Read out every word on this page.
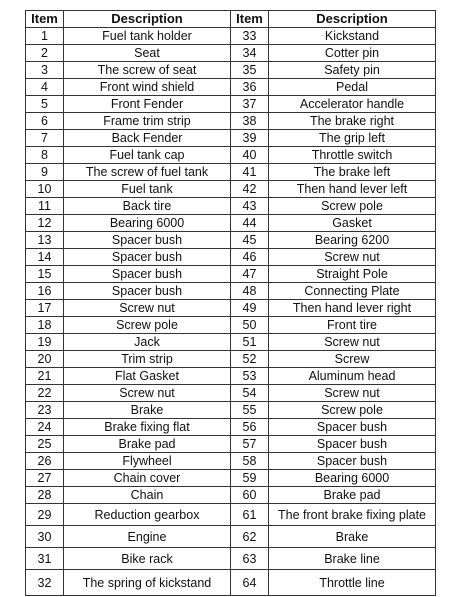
Item	Description	Item	Description
1	Fuel tank holder	33	Kickstand
2	Seat	34	Cotter pin
3	The screw of seat	35	Safety pin
4	Front wind shield	36	Pedal
5	Front Fender	37	Accelerator handle
6	Frame trim strip	38	The brake right
7	Back Fender	39	The grip left
8	Fuel tank cap	40	Throttle switch
9	The screw of fuel tank	41	The brake left
10	Fuel tank	42	Then hand lever left
11	Back tire	43	Screw pole
12	Bearing 6000	44	Gasket
13	Spacer bush	45	Bearing 6200
14	Spacer bush	46	Screw nut
15	Spacer bush	47	Straight Pole
16	Spacer bush	48	Connecting Plate
17	Screw nut	49	Then hand lever right
18	Screw pole	50	Front tire
19	Jack	51	Screw nut
20	Trim strip	52	Screw
21	Flat Gasket	53	Aluminum head
22	Screw nut	54	Screw nut
23	Brake	55	Screw pole
24	Brake fixing flat	56	Spacer bush
25	Brake pad	57	Spacer bush
26	Flywheel	58	Spacer bush
27	Chain cover	59	Bearing 6000
28	Chain	60	Brake pad
29	Reduction gearbox	61	The front brake fixing plate
30	Engine	62	Brake
31	Bike rack	63	Brake line
32	The spring of kickstand	64	Throttle line
